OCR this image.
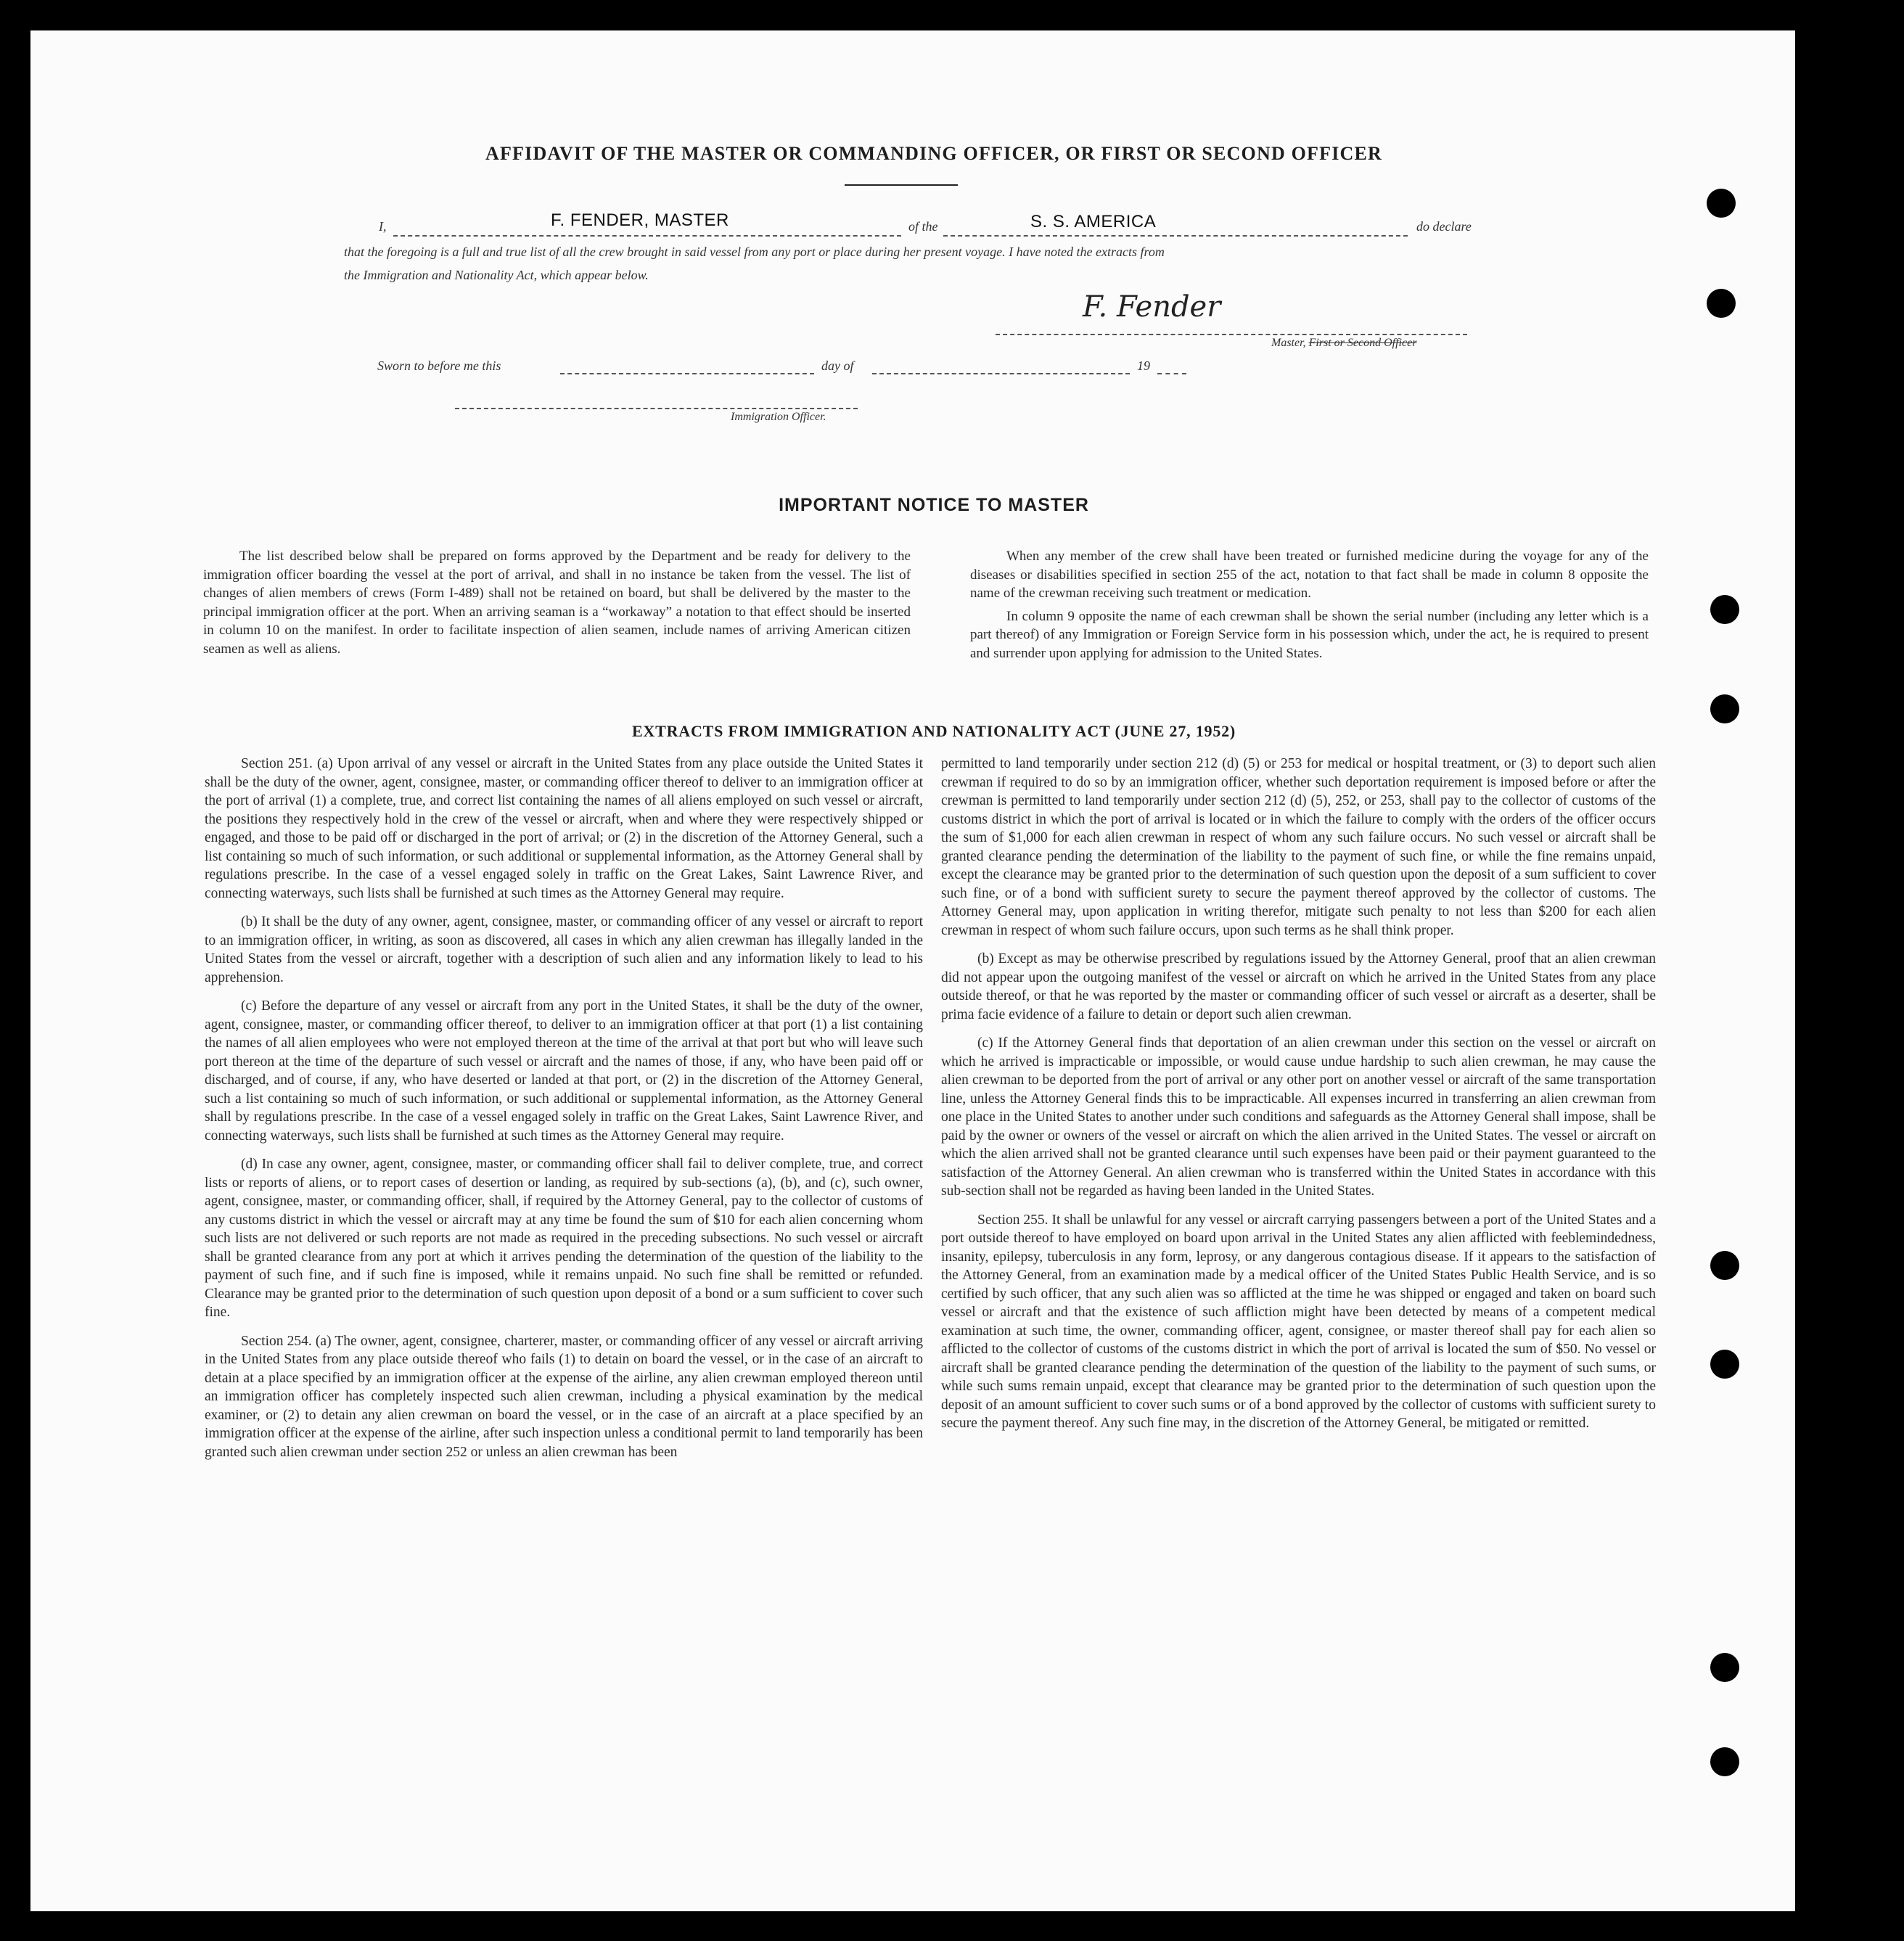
AFFIDAVIT OF THE MASTER OR COMMANDING OFFICER, OR FIRST OR SECOND OFFICER
I,	F. FENDER, MASTER	of the	S. S. AMERICA	do declare
that the foregoing is a full and true list of all the crew brought in said vessel from any port or place during her present voyage. I have noted the extracts from
the Immigration and Nationality Act, which appear below.
F. Fender
Master, First or Second Officer
Sworn to before me this	day of	19
Immigration Officer.
IMPORTANT NOTICE TO MASTER

The list described below shall be prepared on forms approved by the Department and be ready for delivery to the immigration officer boarding the vessel at the port of arrival, and shall in no instance be taken from the vessel. The list of changes of alien members of crews (Form I-489) shall not be retained on board, but shall be delivered by the master to the principal immigration officer at the port. When an arriving seaman is a “workaway” a notation to that effect should be inserted in column 10 on the manifest. In order to facilitate inspection of alien seamen, include names of arriving American citizen seamen as well as aliens.

When any member of the crew shall have been treated or furnished medicine during the voyage for any of the diseases or disabilities specified in section 255 of the act, notation to that fact shall be made in column 8 opposite the name of the crewman receiving such treatment or medication.

In column 9 opposite the name of each crewman shall be shown the serial number (including any letter which is a part thereof) of any Immigration or Foreign Service form in his possession which, under the act, he is required to present and surrender upon applying for admission to the United States.

EXTRACTS FROM IMMIGRATION AND NATIONALITY ACT (JUNE 27, 1952)

Section 251. (a) Upon arrival of any vessel or aircraft in the United States from any place outside the United States it shall be the duty of the owner, agent, consignee, master, or commanding officer thereof to deliver to an immigration officer at the port of arrival (1) a complete, true, and correct list containing the names of all aliens employed on such vessel or aircraft, the positions they respectively hold in the crew of the vessel or aircraft, when and where they were respectively shipped or engaged, and those to be paid off or discharged in the port of arrival; or (2) in the discretion of the Attorney General, such a list containing so much of such information, or such additional or supplemental information, as the Attorney General shall by regulations prescribe. In the case of a vessel engaged solely in traffic on the Great Lakes, Saint Lawrence River, and connecting waterways, such lists shall be furnished at such times as the Attorney General may require.

(b) It shall be the duty of any owner, agent, consignee, master, or commanding officer of any vessel or aircraft to report to an immigration officer, in writing, as soon as discovered, all cases in which any alien crewman has illegally landed in the United States from the vessel or aircraft, together with a description of such alien and any information likely to lead to his apprehension.

(c) Before the departure of any vessel or aircraft from any port in the United States, it shall be the duty of the owner, agent, consignee, master, or commanding officer thereof, to deliver to an immigration officer at that port (1) a list containing the names of all alien employees who were not employed thereon at the time of the arrival at that port but who will leave such port thereon at the time of the departure of such vessel or aircraft and the names of those, if any, who have been paid off or discharged, and of course, if any, who have deserted or landed at that port, or (2) in the discretion of the Attorney General, such a list containing so much of such information, or such additional or supplemental information, as the Attorney General shall by regulations prescribe. In the case of a vessel engaged solely in traffic on the Great Lakes, Saint Lawrence River, and connecting waterways, such lists shall be furnished at such times as the Attorney General may require.

(d) In case any owner, agent, consignee, master, or commanding officer shall fail to deliver complete, true, and correct lists or reports of aliens, or to report cases of desertion or landing, as required by sub-sections (a), (b), and (c), such owner, agent, consignee, master, or commanding officer, shall, if required by the Attorney General, pay to the collector of customs of any customs district in which the vessel or aircraft may at any time be found the sum of $10 for each alien concerning whom such lists are not delivered or such reports are not made as required in the preceding subsections. No such vessel or aircraft shall be granted clearance from any port at which it arrives pending the determination of the question of the liability to the payment of such fine, and if such fine is imposed, while it remains unpaid. No such fine shall be remitted or refunded. Clearance may be granted prior to the determination of such question upon deposit of a bond or a sum sufficient to cover such fine.

Section 254. (a) The owner, agent, consignee, charterer, master, or commanding officer of any vessel or aircraft arriving in the United States from any place outside thereof who fails (1) to detain on board the vessel, or in the case of an aircraft to detain at a place specified by an immigration officer at the expense of the airline, any alien crewman employed thereon until an immigration officer has completely inspected such alien crewman, including a physical examination by the medical examiner, or (2) to detain any alien crewman on board the vessel, or in the case of an aircraft at a place specified by an immigration officer at the expense of the airline, after such inspection unless a conditional permit to land temporarily has been granted such alien crewman under section 252 or unless an alien crewman has been

permitted to land temporarily under section 212 (d) (5) or 253 for medical or hospital treatment, or (3) to deport such alien crewman if required to do so by an immigration officer, whether such deportation requirement is imposed before or after the crewman is permitted to land temporarily under section 212 (d) (5), 252, or 253, shall pay to the collector of customs of the customs district in which the port of arrival is located or in which the failure to comply with the orders of the officer occurs the sum of $1,000 for each alien crewman in respect of whom any such failure occurs. No such vessel or aircraft shall be granted clearance pending the determination of the liability to the payment of such fine, or while the fine remains unpaid, except the clearance may be granted prior to the determination of such question upon the deposit of a sum sufficient to cover such fine, or of a bond with sufficient surety to secure the payment thereof approved by the collector of customs. The Attorney General may, upon application in writing therefor, mitigate such penalty to not less than $200 for each alien crewman in respect of whom such failure occurs, upon such terms as he shall think proper.

(b) Except as may be otherwise prescribed by regulations issued by the Attorney General, proof that an alien crewman did not appear upon the outgoing manifest of the vessel or aircraft on which he arrived in the United States from any place outside thereof, or that he was reported by the master or commanding officer of such vessel or aircraft as a deserter, shall be prima facie evidence of a failure to detain or deport such alien crewman.

(c) If the Attorney General finds that deportation of an alien crewman under this section on the vessel or aircraft on which he arrived is impracticable or impossible, or would cause undue hardship to such alien crewman, he may cause the alien crewman to be deported from the port of arrival or any other port on another vessel or aircraft of the same transportation line, unless the Attorney General finds this to be impracticable. All expenses incurred in transferring an alien crewman from one place in the United States to another under such conditions and safeguards as the Attorney General shall impose, shall be paid by the owner or owners of the vessel or aircraft on which the alien arrived in the United States. The vessel or aircraft on which the alien arrived shall not be granted clearance until such expenses have been paid or their payment guaranteed to the satisfaction of the Attorney General. An alien crewman who is transferred within the United States in accordance with this sub-section shall not be regarded as having been landed in the United States.

Section 255. It shall be unlawful for any vessel or aircraft carrying passengers between a port of the United States and a port outside thereof to have employed on board upon arrival in the United States any alien afflicted with feeblemindedness, insanity, epilepsy, tuberculosis in any form, leprosy, or any dangerous contagious disease. If it appears to the satisfaction of the Attorney General, from an examination made by a medical officer of the United States Public Health Service, and is so certified by such officer, that any such alien was so afflicted at the time he was shipped or engaged and taken on board such vessel or aircraft and that the existence of such affliction might have been detected by means of a competent medical examination at such time, the owner, commanding officer, agent, consignee, or master thereof shall pay for each alien so afflicted to the collector of customs of the customs district in which the port of arrival is located the sum of $50. No vessel or aircraft shall be granted clearance pending the determination of the question of the liability to the payment of such sums, or while such sums remain unpaid, except that clearance may be granted prior to the determination of such question upon the deposit of an amount sufficient to cover such sums or of a bond approved by the collector of customs with sufficient surety to secure the payment thereof. Any such fine may, in the discretion of the Attorney General, be mitigated or remitted.
